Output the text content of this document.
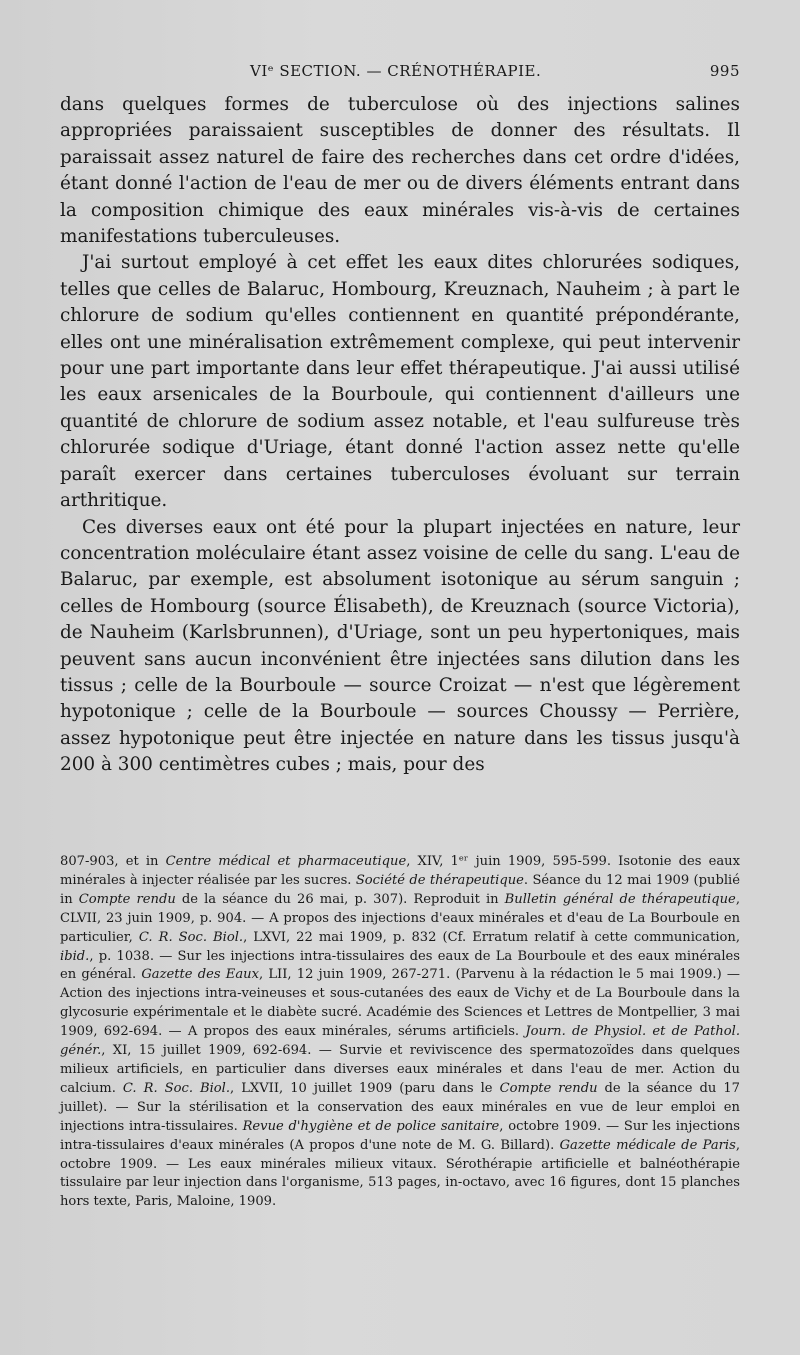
VIᵉ SECTION. — CRÉNOTHÉRAPIE.	995

dans quelques formes de tuberculose où des injections salines appropriées paraissaient susceptibles de donner des résultats. Il paraissait assez naturel de faire des recherches dans cet ordre d'idées, étant donné l'action de l'eau de mer ou de divers éléments entrant dans la composition chimique des eaux minérales vis-à-vis de certaines manifestations tuberculeuses.

J'ai surtout employé à cet effet les eaux dites chlorurées sodiques, telles que celles de Balaruc, Hombourg, Kreuznach, Nauheim ; à part le chlorure de sodium qu'elles contiennent en quantité prépondérante, elles ont une minéralisation extrêmement complexe, qui peut intervenir pour une part importante dans leur effet thérapeutique. J'ai aussi utilisé les eaux arsenicales de la Bourboule, qui contiennent d'ailleurs une quantité de chlorure de sodium assez notable, et l'eau sulfureuse très chlorurée sodique d'Uriage, étant donné l'action assez nette qu'elle paraît exercer dans certaines tuberculoses évoluant sur terrain arthritique.

Ces diverses eaux ont été pour la plupart injectées en nature, leur concentration moléculaire étant assez voisine de celle du sang. L'eau de Balaruc, par exemple, est absolument isotonique au sérum sanguin ; celles de Hombourg (source Élisabeth), de Kreuznach (source Victoria), de Nauheim (Karlsbrunnen), d'Uriage, sont un peu hypertoniques, mais peuvent sans aucun inconvénient être injectées sans dilution dans les tissus ; celle de la Bourboule — source Croizat — n'est que légèrement hypotonique ; celle de la Bourboule — sources Choussy — Perrière, assez hypotonique peut être injectée en nature dans les tissus jusqu'à 200 à 300 centimètres cubes ; mais, pour des

807-903, et in Centre médical et pharmaceutique, XIV, 1ᵉʳ juin 1909, 595-599. Isotonie des eaux minérales à injecter réalisée par les sucres. Société de thérapeutique. Séance du 12 mai 1909 (publié in Compte rendu de la séance du 26 mai, p. 307). Reproduit in Bulletin général de thérapeutique, CLVII, 23 juin 1909, p. 904. — A propos des injections d'eaux minérales et d'eau de La Bourboule en particulier, C. R. Soc. Biol., LXVI, 22 mai 1909, p. 832 (Cf. Erratum relatif à cette communication, ibid., p. 1038. — Sur les injections intra-tissulaires des eaux de La Bourboule et des eaux minérales en général. Gazette des Eaux, LII, 12 juin 1909, 267-271. (Parvenu à la rédaction le 5 mai 1909.) — Action des injections intra-veineuses et sous-cutanées des eaux de Vichy et de La Bourboule dans la glycosurie expérimentale et le diabète sucré. Académie des Sciences et Lettres de Montpellier, 3 mai 1909, 692-694. — A propos des eaux minérales, sérums artificiels. Journ. de Physiol. et de Pathol. génér., XI, 15 juillet 1909, 692-694. — Survie et reviviscence des spermatozoïdes dans quelques milieux artificiels, en particulier dans diverses eaux minérales et dans l'eau de mer. Action du calcium. C. R. Soc. Biol., LXVII, 10 juillet 1909 (paru dans le Compte rendu de la séance du 17 juillet). — Sur la stérilisation et la conservation des eaux minérales en vue de leur emploi en injections intra-tissulaires. Revue d'hygiène et de police sanitaire, octobre 1909. — Sur les injections intra-tissulaires d'eaux minérales (A propos d'une note de M. G. Billard). Gazette médicale de Paris, octobre 1909. — Les eaux minérales milieux vitaux. Sérothérapie artificielle et balnéothérapie tissulaire par leur injection dans l'organisme, 513 pages, in-octavo, avec 16 figures, dont 15 planches hors texte, Paris, Maloine, 1909.
